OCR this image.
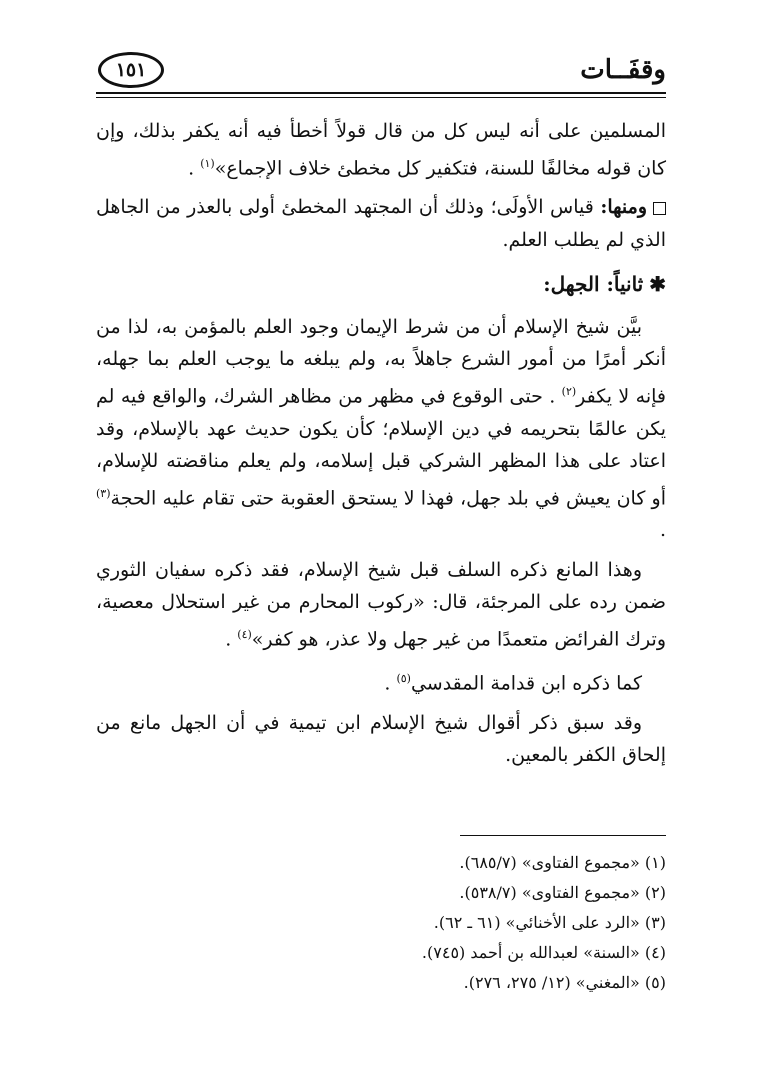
وقفَــات
١٥١

المسلمين على أنه ليس كل من قال قولاً أخطأ فيه أنه يكفر بذلك، وإن كان قوله مخالفًا للسنة، فتكفير كل مخطئ خلاف الإجماع»$^{(١)}$ .

ومنها: قياس الأولَى؛ وذلك أن المجتهد المخطئ أولى بالعذر من الجاهل الذي لم يطلب العلم.

✱ثانياً: الجهل:

بيَّن شيخ الإسلام أن من شرط الإيمان وجود العلم بالمؤمن به، لذا من أنكر أمرًا من أمور الشرع جاهلاً به، ولم يبلغه ما يوجب العلم بما جهله، فإنه لا يكفر$^{(٢)}$ . حتى الوقوع في مظهر من مظاهر الشرك، والواقع فيه لم يكن عالمًا بتحريمه في دين الإسلام؛ كأن يكون حديث عهد بالإسلام، وقد اعتاد على هذا المظهر الشركي قبل إسلامه، ولم يعلم مناقضته للإسلام، أو كان يعيش في بلد جهل، فهذا لا يستحق العقوبة حتى تقام عليه الحجة$^{(٣)}$ .

وهذا المانع ذكره السلف قبل شيخ الإسلام، فقد ذكره سفيان الثوري ضمن رده على المرجئة، قال: «ركوب المحارم من غير استحلال معصية، وترك الفرائض متعمدًا من غير جهل ولا عذر، هو كفر»$^{(٤)}$ .

كما ذكره ابن قدامة المقدسي$^{(٥)}$ .

وقد سبق ذكر أقوال شيخ الإسلام ابن تيمية في أن الجهل مانع من إلحاق الكفر بالمعين.

(١) «مجموع الفتاوى» (٦٨٥/٧).
(٢) «مجموع الفتاوى» (٥٣٨/٧).
(٣) «الرد على الأخنائي» (٦١ ـ ٦٢).
(٤) «السنة» لعبدالله بن أحمد (٧٤٥).
(٥) «المغني» (١٢/ ٢٧٥، ٢٧٦).
